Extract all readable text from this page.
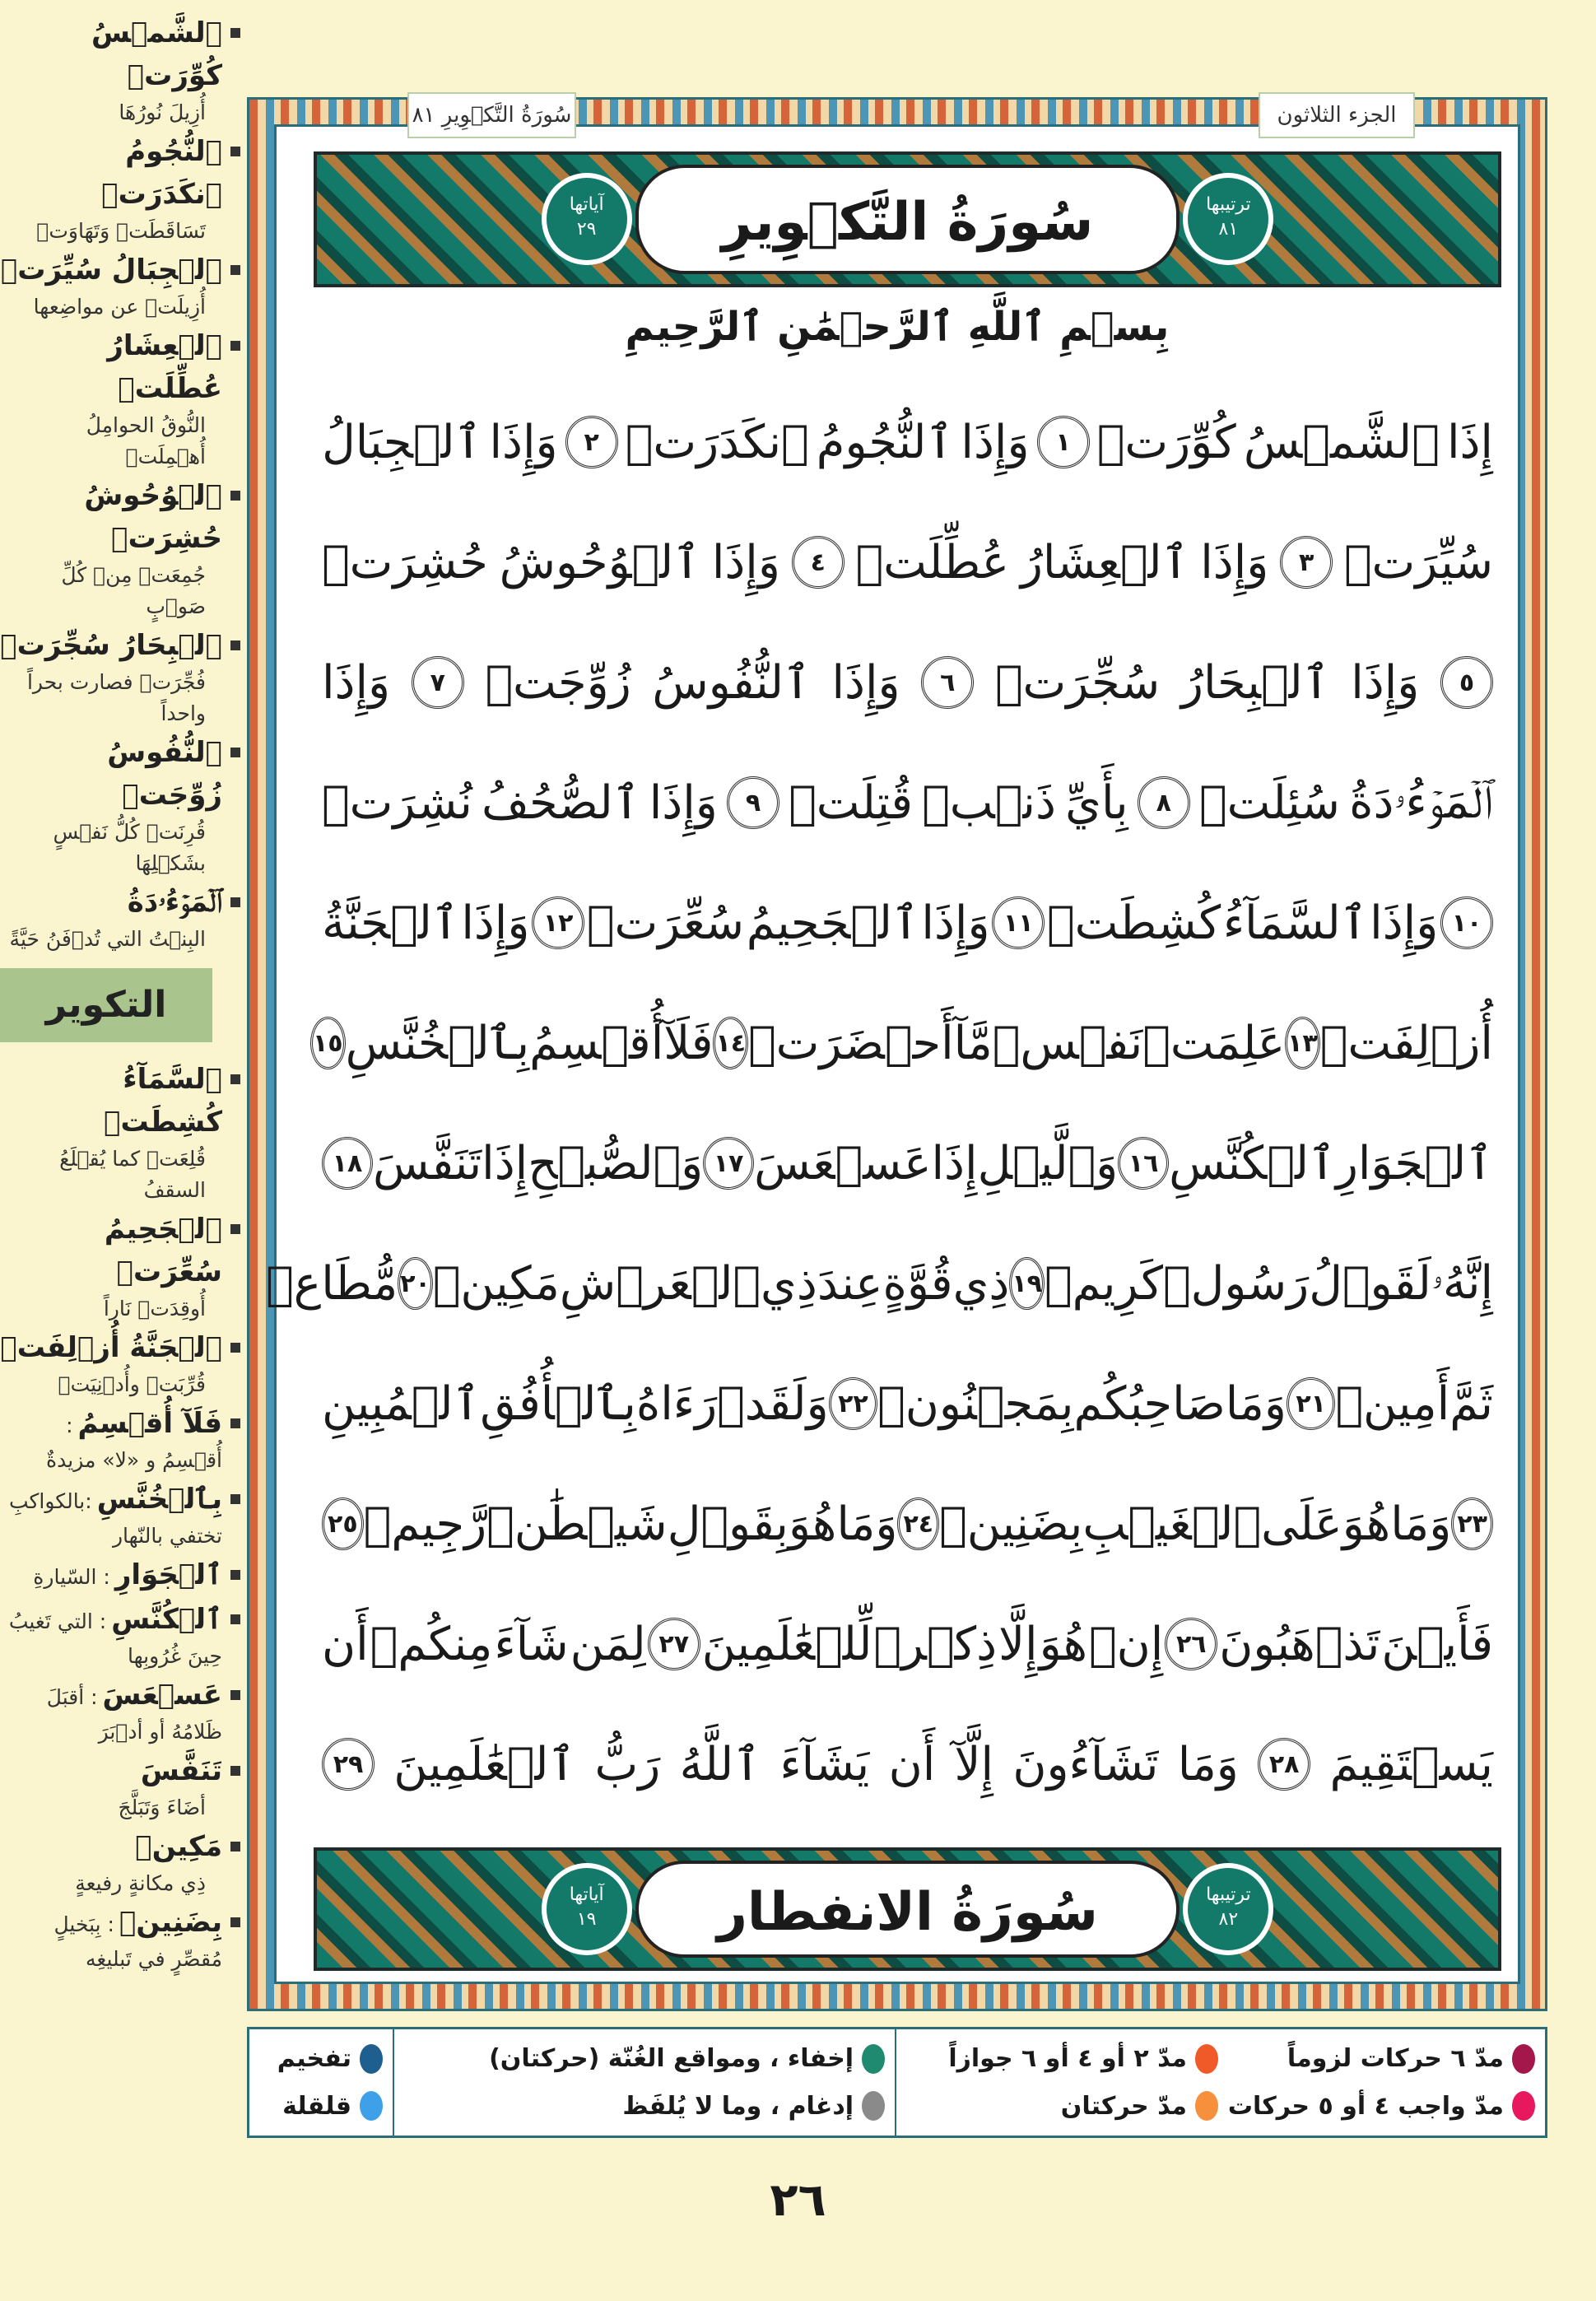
ٱلشَّمۡسُ كُوِّرَتۡ
أُزِيلَ نُورُهَا
ٱلنُّجُومُ ٱنكَدَرَتۡ
تَسَاقَطَتۡ وَتَهَاوَتۡ
ٱلۡجِبَالُ سُيِّرَتۡ
أُزِيلَتۡ عن مواضِعها
ٱلۡعِشَارُ عُطِّلَتۡ
النُّوقُ الحوامِلُ أُهۡمِلَتۡ
ٱلۡوُحُوشُ حُشِرَتۡ
جُمِعَتۡ مِنۡ كُلِّ صَوۡبٍ
ٱلۡبِحَارُ سُجِّرَتۡ
فُجِّرَتۡ فصارت بحراً واحداً
ٱلنُّفُوسُ زُوِّجَتۡ
قُرِنَتۡ كُلُّ نَفۡسٍ بشَكۡلِهَا
ٱلۡمَوۡءُۥدَةُ
البِنۡتُ التي تُدۡفَنُ حَيَّةً
التكوير
ٱلسَّمَآءُ كُشِطَتۡ
قُلِعَتۡ كما يُقۡلَعُ السقفُ
ٱلۡجَحِيمُ سُعِّرَتۡ
أُوقِدَتۡ نَاراً
ٱلۡجَنَّةُ أُزۡلِفَتۡ
قُرِّبَتۡ وأُدۡنِيَتۡ
فَلَآ أُقۡسِمُ: أُقۡسِمُ و «لا» مزيدةٌ
بِٱلۡخُنَّسِ:بالكواكبِ تختفي بالنّهار
ٱلۡجَوَارِ: السّيارةِ
ٱلۡكُنَّسِ: التي تَغيبُ حِينَ غُرُوبِها
عَسۡعَسَ: أقبَلَ ظَلامُهُ أو أدۡبَرَ
تَنَفَّسَ
أضَاءَ وَتَبَلَّجَ
مَكِينٖ
ذِي مكانةٍ رفيعةٍ
بِضَنِينٖ: بِبَخيلٍ مُقصِّرٍ في تَبليغِه
سُورَةُ التَّكۡوِيرِ ٨١	الجزء الثلاثون
آياتها
٢٩	سُورَةُ التَّكۡوِيرِ	ترتيبها
٨١
بِسۡمِ ٱللَّهِ ٱلرَّحۡمَٰنِ ٱلرَّحِيمِ
إِذَا
ٱلشَّمۡسُ
كُوِّرَتۡ
١
وَإِذَا
ٱلنُّجُومُ
ٱنكَدَرَتۡ
٢
وَإِذَا
ٱلۡجِبَالُ
سُيِّرَتۡ
٣
وَإِذَا
ٱلۡعِشَارُ
عُطِّلَتۡ
٤
وَإِذَا
ٱلۡوُحُوشُ
حُشِرَتۡ
٥
وَإِذَا
ٱلۡبِحَارُ
سُجِّرَتۡ
٦
وَإِذَا
ٱلنُّفُوسُ
زُوِّجَتۡ
٧
وَإِذَا
ٱلۡمَوۡءُۥدَةُ
سُئِلَتۡ
٨
بِأَيِّ
ذَنۢبٖ
قُتِلَتۡ
٩
وَإِذَا
ٱلصُّحُفُ
نُشِرَتۡ
١٠
وَإِذَا
ٱلسَّمَآءُ
كُشِطَتۡ
١١
وَإِذَا
ٱلۡجَحِيمُ
سُعِّرَتۡ
١٢
وَإِذَا
ٱلۡجَنَّةُ
أُزۡلِفَتۡ
١٣
عَلِمَتۡ
نَفۡسٞ
مَّآ
أَحۡضَرَتۡ
١٤
فَلَآ
أُقۡسِمُ
بِٱلۡخُنَّسِ
١٥
ٱلۡجَوَارِ
ٱلۡكُنَّسِ
١٦
وَٱلَّيۡلِ
إِذَا
عَسۡعَسَ
١٧
وَٱلصُّبۡحِ
إِذَا
تَنَفَّسَ
١٨
إِنَّهُۥ
لَقَوۡلُ
رَسُولٖ
كَرِيمٖ
١٩
ذِي
قُوَّةٍ
عِندَ
ذِي
ٱلۡعَرۡشِ
مَكِينٖ
٢٠
مُّطَاعٖ
ثَمَّ
أَمِينٖ
٢١
وَمَا
صَاحِبُكُم
بِمَجۡنُونٖ
٢٢
وَلَقَدۡ
رَءَاهُ
بِٱلۡأُفُقِ
ٱلۡمُبِينِ
٢٣
وَمَا
هُوَ
عَلَى
ٱلۡغَيۡبِ
بِضَنِينٖ
٢٤
وَمَا
هُوَ
بِقَوۡلِ
شَيۡطَٰنٖ
رَّجِيمٖ
٢٥
فَأَيۡنَ
تَذۡهَبُونَ
٢٦
إِنۡ
هُوَ
إِلَّا
ذِكۡرٞ
لِّلۡعَٰلَمِينَ
٢٧
لِمَن
شَآءَ
مِنكُمۡ
أَن
يَسۡتَقِيمَ
٢٨
وَمَا
تَشَآءُونَ
إِلَّآ
أَن
يَشَآءَ
ٱللَّهُ
رَبُّ
ٱلۡعَٰلَمِينَ
٢٩
آياتها
١٩	سُورَةُ الانفطار	ترتيبها
٨٢
مدّ ٦ حركات لزوماً
مدّ ٢ أو ٤ أو ٦ جوازاً
مدّ واجب ٤ أو ٥ حركات
مدّ حركتان
إخفاء ، ومواقع الغُنّة (حركتان)
إدغام ، وما لا يُلفَظ
تفخيم
قلقلة
٢٦
